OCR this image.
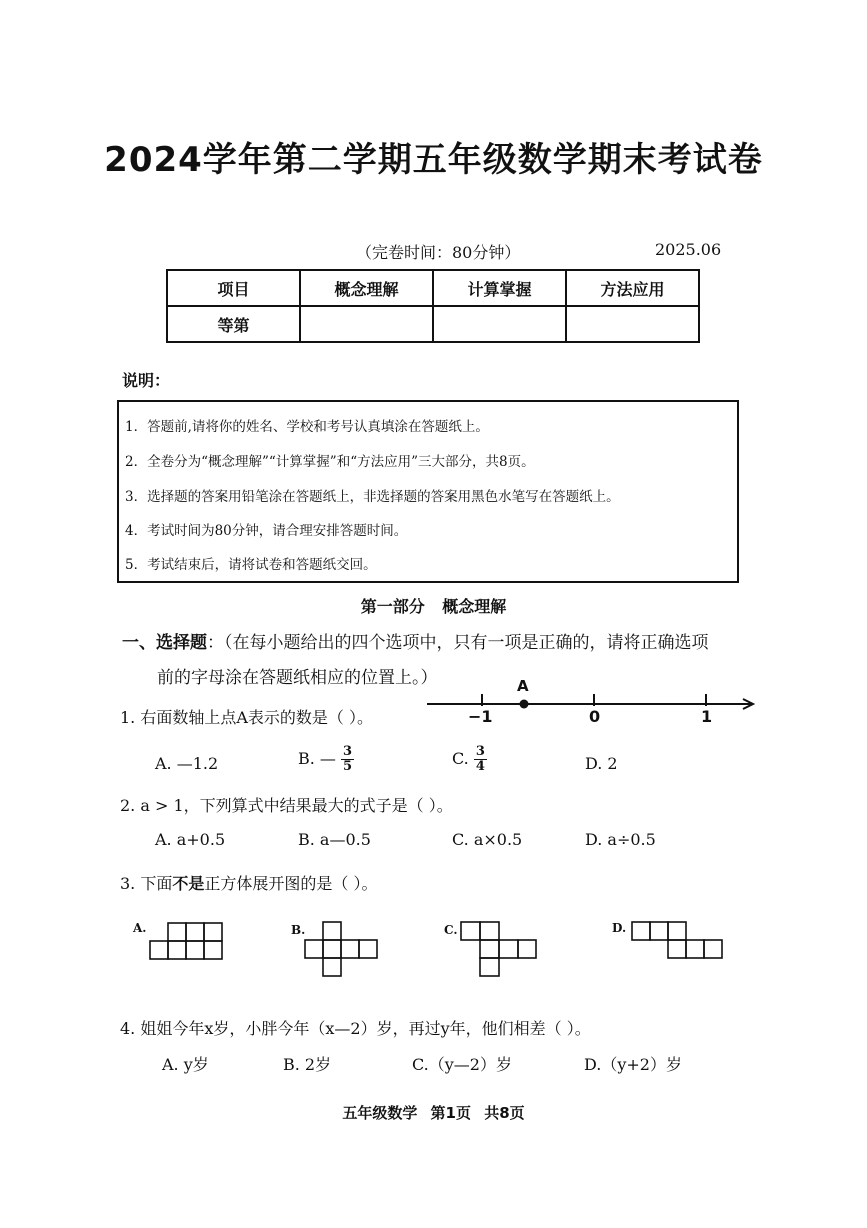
2024学年第二学期五年级数学期末考试卷
（完卷时间：80分钟）	2025.06
项目	概念理解	计算掌握	方法应用
等第			
说明：
1．答题前,请将你的姓名、学校和考号认真填涂在答题纸上。
2．全卷分为“概念理解”“计算掌握”和“方法应用”三大部分，共8页。
3．选择题的答案用铅笔涂在答题纸上，非选择题的答案用黑色水笔写在答题纸上。
4．考试时间为80分钟，请合理安排答题时间。
5．考试结束后，请将试卷和答题纸交回。
第一部分 概念理解
一、选择题：（在每小题给出的四个选项中，只有一项是正确的，请将正确选项
前的字母涂在答题纸相应的位置上。）	A
−1	0	1
1. 右面数轴上点A表示的数是（ ）。
A. —1.2	B. — $\frac{3}{5}$	C. $\frac{3}{4}$	D. 2
2. a > 1，下列算式中结果最大的式子是（ ）。
A. a+0.5	B. a—0.5	C. a×0.5	D. a÷0.5
3. 下面不是正方体展开图的是（ ）。
A.	B.	C.	D.
4. 姐姐今年x岁，小胖今年（x—2）岁，再过y年，他们相差（ ）。
A. y岁	B. 2岁	C.（y—2）岁	D.（y+2）岁
五年级数学 第1页 共8页
